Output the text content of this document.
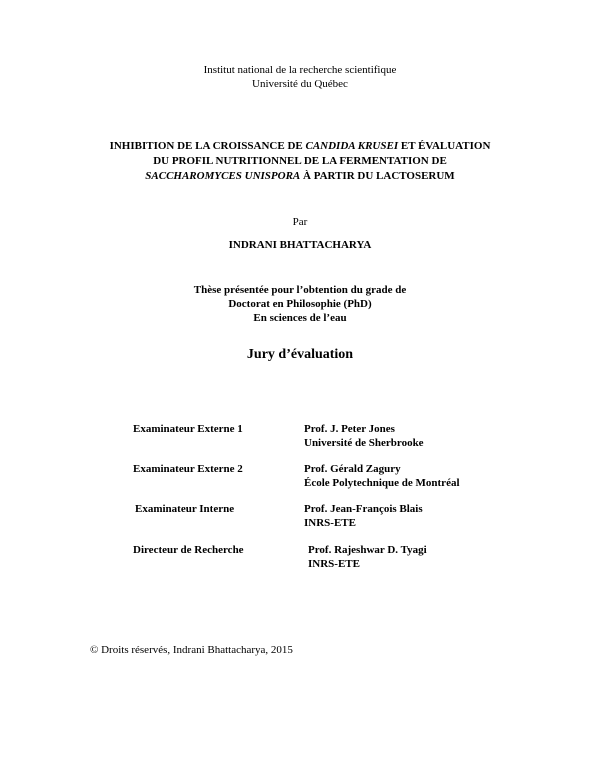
Institut national de la recherche scientifique
Université du Québec
INHIBITION DE LA CROISSANCE DE CANDIDA KRUSEI ET ÉVALUATION
DU PROFIL NUTRITIONNEL DE LA FERMENTATION DE
SACCHAROMYCES UNISPORA À PARTIR DU LACTOSERUM
Par
INDRANI BHATTACHARYA
Thèse présentée pour l’obtention du grade de
Doctorat en Philosophie (PhD)
En sciences de l’eau
Jury d’évaluation
Examinateur Externe 1	Prof. J. Peter Jones
Université de Sherbrooke
Examinateur Externe 2	Prof. Gérald Zagury
École Polytechnique de Montréal
Examinateur Interne	Prof. Jean-François Blais
INRS-ETE
Directeur de Recherche	Prof. Rajeshwar D. Tyagi
INRS-ETE
© Droits réservés, Indrani Bhattacharya, 2015
